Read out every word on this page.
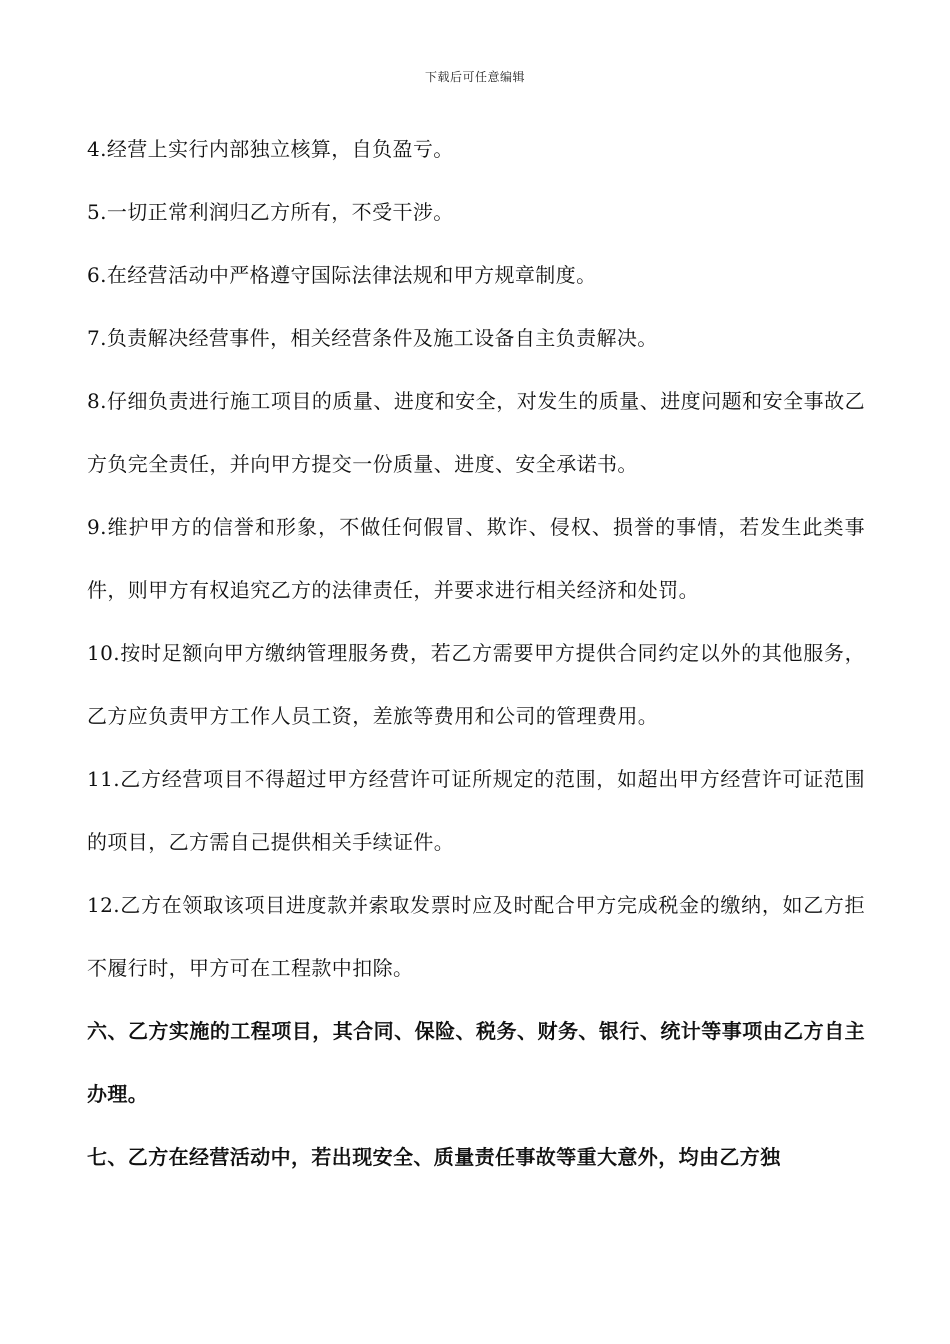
下载后可任意编辑

4.经营上实行内部独立核算，自负盈亏。

5.一切正常利润归乙方所有，不受干涉。

6.在经营活动中严格遵守国际法律法规和甲方规章制度。

7.负责解决经营事件，相关经营条件及施工设备自主负责解决。

8.仔细负责进行施工项目的质量、进度和安全，对发生的质量、进度问题和安全事故乙方负完全责任，并向甲方提交一份质量、进度、安全承诺书。

9.维护甲方的信誉和形象，不做任何假冒、欺诈、侵权、损誉的事情，若发生此类事件，则甲方有权追究乙方的法律责任，并要求进行相关经济和处罚。

10.按时足额向甲方缴纳管理服务费，若乙方需要甲方提供合同约定以外的其他服务，乙方应负责甲方工作人员工资，差旅等费用和公司的管理费用。

11.乙方经营项目不得超过甲方经营许可证所规定的范围，如超出甲方经营许可证范围的项目，乙方需自己提供相关手续证件。

12.乙方在领取该项目进度款并索取发票时应及时配合甲方完成税金的缴纳，如乙方拒不履行时，甲方可在工程款中扣除。

六、乙方实施的工程项目，其合同、保险、税务、财务、银行、统计等事项由乙方自主办理。

七、乙方在经营活动中，若出现安全、质量责任事故等重大意外，均由乙方独
